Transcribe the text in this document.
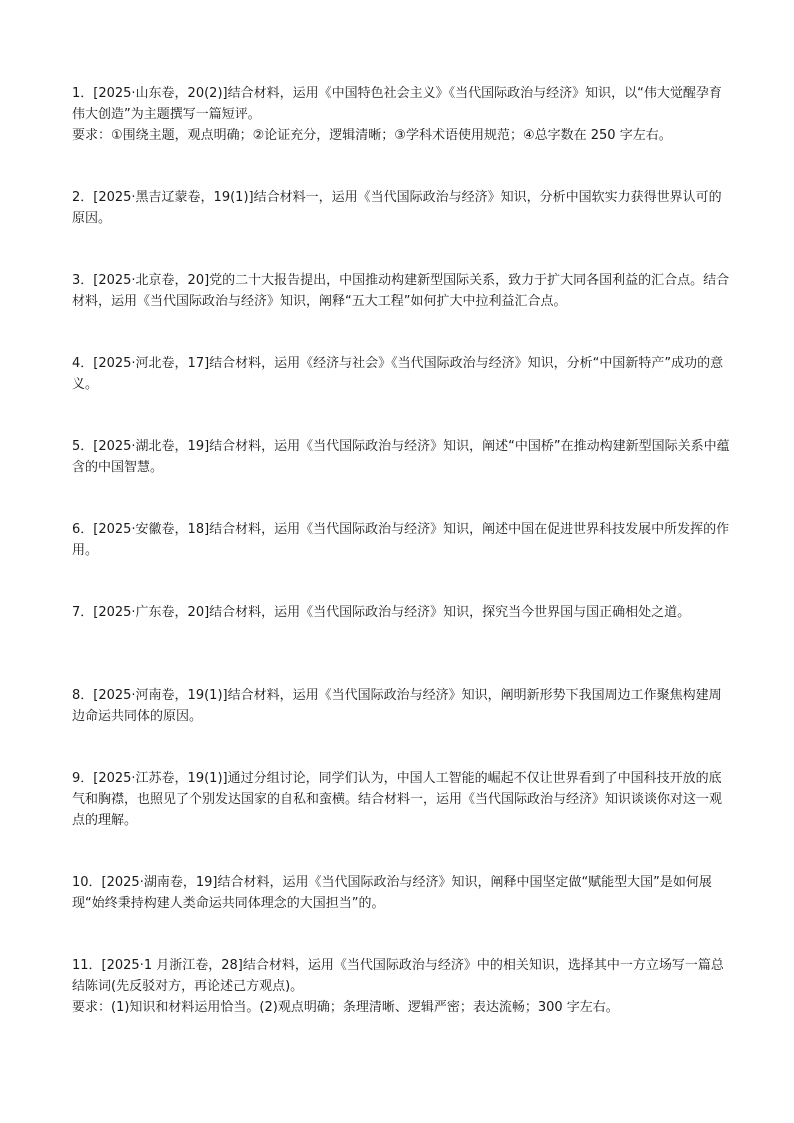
1．[2025·山东卷，20(2)]结合材料，运用《中国特色社会主义》《当代国际政治与经济》知识，以“伟大觉醒孕育伟大创造”为主题撰写一篇短评。

要求：①围绕主题，观点明确；②论证充分，逻辑清晰；③学科术语使用规范；④总字数在 250 字左右。

2．[2025·黑吉辽蒙卷，19(1)]结合材料一，运用《当代国际政治与经济》知识，分析中国软实力获得世界认可的原因。

3．[2025·北京卷，20]党的二十大报告提出，中国推动构建新型国际关系，致力于扩大同各国利益的汇合点。结合材料，运用《当代国际政治与经济》知识，阐释“五大工程”如何扩大中拉利益汇合点。

4．[2025·河北卷，17]结合材料，运用《经济与社会》《当代国际政治与经济》知识，分析“中国新特产”成功的意义。

5．[2025·湖北卷，19]结合材料，运用《当代国际政治与经济》知识，阐述“中国桥”在推动构建新型国际关系中蕴含的中国智慧。

6．[2025·安徽卷，18]结合材料，运用《当代国际政治与经济》知识，阐述中国在促进世界科技发展中所发挥的作用。

7．[2025·广东卷，20]结合材料，运用《当代国际政治与经济》知识，探究当今世界国与国正确相处之道。

8．[2025·河南卷，19(1)]结合材料，运用《当代国际政治与经济》知识，阐明新形势下我国周边工作聚焦构建周边命运共同体的原因。

9．[2025·江苏卷，19(1)]通过分组讨论，同学们认为，中国人工智能的崛起不仅让世界看到了中国科技开放的底气和胸襟，也照见了个别发达国家的自私和蛮横。结合材料一，运用《当代国际政治与经济》知识谈谈你对这一观点的理解。

10．[2025·湖南卷，19]结合材料，运用《当代国际政治与经济》知识，阐释中国坚定做“赋能型大国”是如何展现“始终秉持构建人类命运共同体理念的大国担当”的。

11．[2025·1 月浙江卷，28]结合材料，运用《当代国际政治与经济》中的相关知识，选择其中一方立场写一篇总结陈词(先反驳对方，再论述己方观点)。

要求：(1)知识和材料运用恰当。(2)观点明确；条理清晰、逻辑严密；表达流畅；300 字左右。
